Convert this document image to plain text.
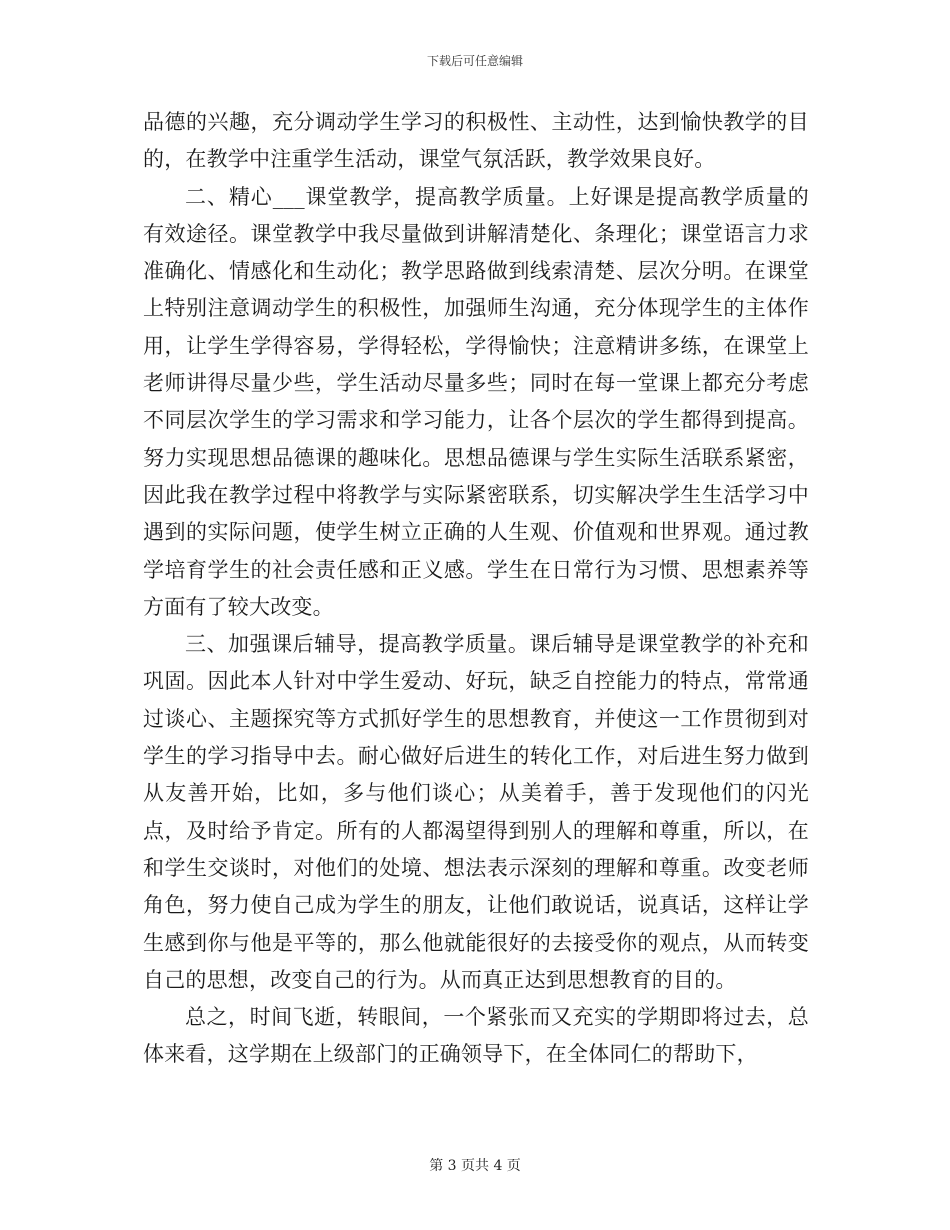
下载后可任意编辑

品德的兴趣，充分调动学生学习的积极性、主动性，达到愉快教学的目的，在教学中注重学生活动，课堂气氛活跃，教学效果良好。

二、精心___课堂教学，提高教学质量。上好课是提高教学质量的有效途径。课堂教学中我尽量做到讲解清楚化、条理化；课堂语言力求准确化、情感化和生动化；教学思路做到线索清楚、层次分明。在课堂上特别注意调动学生的积极性，加强师生沟通，充分体现学生的主体作用，让学生学得容易，学得轻松，学得愉快；注意精讲多练，在课堂上老师讲得尽量少些，学生活动尽量多些；同时在每一堂课上都充分考虑不同层次学生的学习需求和学习能力，让各个层次的学生都得到提高。努力实现思想品德课的趣味化。思想品德课与学生实际生活联系紧密，因此我在教学过程中将教学与实际紧密联系，切实解决学生生活学习中遇到的实际问题，使学生树立正确的人生观、价值观和世界观。通过教学培育学生的社会责任感和正义感。学生在日常行为习惯、思想素养等方面有了较大改变。

三、加强课后辅导，提高教学质量。课后辅导是课堂教学的补充和巩固。因此本人针对中学生爱动、好玩，缺乏自控能力的特点，常常通过谈心、主题探究等方式抓好学生的思想教育，并使这一工作贯彻到对学生的学习指导中去。耐心做好后进生的转化工作，对后进生努力做到从友善开始，比如，多与他们谈心；从美着手，善于发现他们的闪光点，及时给予肯定。所有的人都渴望得到别人的理解和尊重，所以，在和学生交谈时，对他们的处境、想法表示深刻的理解和尊重。改变老师角色，努力使自己成为学生的朋友，让他们敢说话，说真话，这样让学生感到你与他是平等的，那么他就能很好的去接受你的观点，从而转变自己的思想，改变自己的行为。从而真正达到思想教育的目的。

总之，时间飞逝，转眼间，一个紧张而又充实的学期即将过去，总体来看，这学期在上级部门的正确领导下，在全体同仁的帮助下，

第 3 页共 4 页
